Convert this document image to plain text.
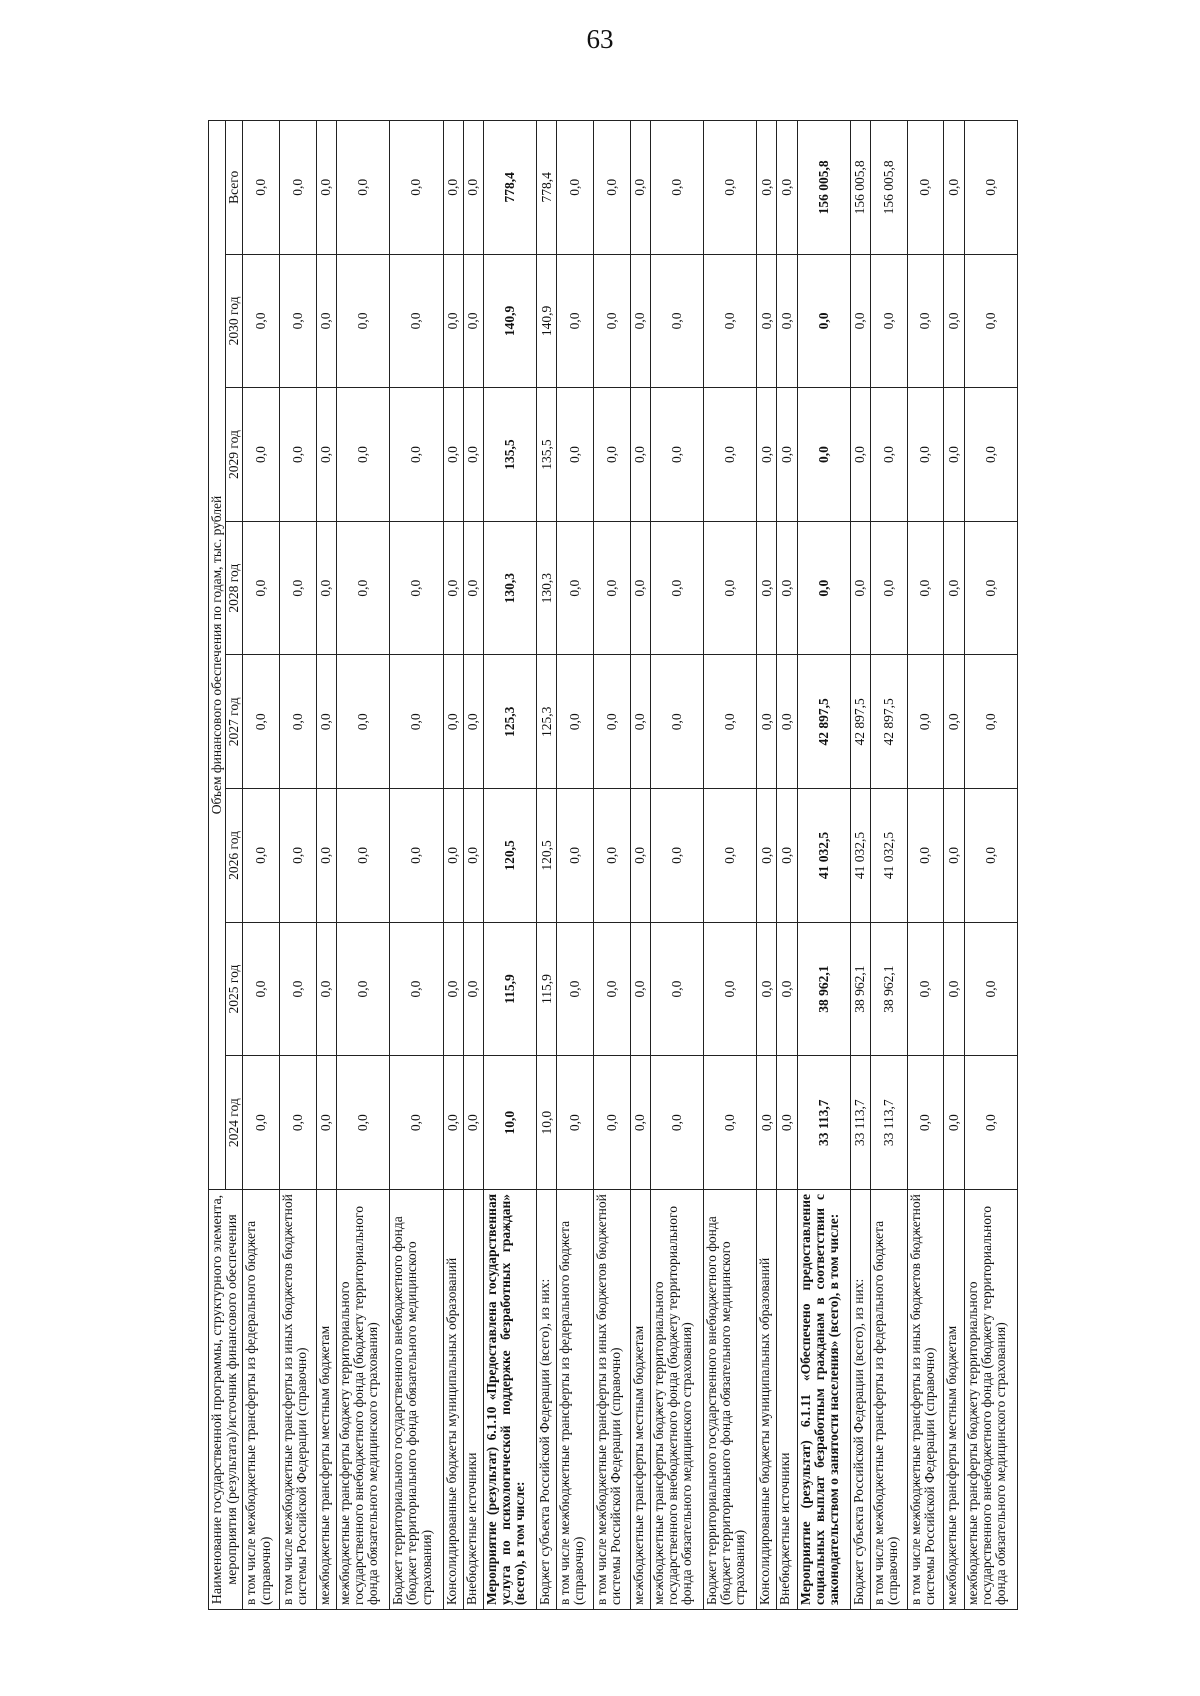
63
Наименование государственной программы, структурного элемента, мероприятия (результата)/источник финансового обеспечения	Объем финансового обеспечения по годам, тыс. рублей							
	2024 год	2025 год	2026 год	2027 год	2028 год	2029 год	2030 год	Всего
в том числе межбюджетные трансферты из федерального бюджета (справочно)	0,0	0,0	0,0	0,0	0,0	0,0	0,0	0,0
в том числе межбюджетные трансферты из иных бюджетов бюджетной системы Российской Федерации (справочно)	0,0	0,0	0,0	0,0	0,0	0,0	0,0	0,0
межбюджетные трансферты местным бюджетам	0,0	0,0	0,0	0,0	0,0	0,0	0,0	0,0
межбюджетные трансферты бюджету территориального государственного внебюджетного фонда (бюджету территориального фонда обязательного медицинского страхования)	0,0	0,0	0,0	0,0	0,0	0,0	0,0	0,0
Бюджет территориального государственного внебюджетного фонда (бюджет территориального фонда обязательного медицинского страхования)	0,0	0,0	0,0	0,0	0,0	0,0	0,0	0,0
Консолидированные бюджеты муниципальных образований	0,0	0,0	0,0	0,0	0,0	0,0	0,0	0,0
Внебюджетные источники	0,0	0,0	0,0	0,0	0,0	0,0	0,0	0,0
Мероприятие (результат) 6.1.10 «Предоставлена государственная услуга по психологической поддержке безработных граждан» (всего), в том числе:	10,0	115,9	120,5	125,3	130,3	135,5	140,9	778,4
Бюджет субъекта Российской Федерации (всего), из них:	10,0	115,9	120,5	125,3	130,3	135,5	140,9	778,4
в том числе межбюджетные трансферты из федерального бюджета (справочно)	0,0	0,0	0,0	0,0	0,0	0,0	0,0	0,0
в том числе межбюджетные трансферты из иных бюджетов бюджетной системы Российской Федерации (справочно)	0,0	0,0	0,0	0,0	0,0	0,0	0,0	0,0
межбюджетные трансферты местным бюджетам	0,0	0,0	0,0	0,0	0,0	0,0	0,0	0,0
межбюджетные трансферты бюджету территориального государственного внебюджетного фонда (бюджету территориального фонда обязательного медицинского страхования)	0,0	0,0	0,0	0,0	0,0	0,0	0,0	0,0
Бюджет территориального государственного внебюджетного фонда (бюджет территориального фонда обязательного медицинского страхования)	0,0	0,0	0,0	0,0	0,0	0,0	0,0	0,0
Консолидированные бюджеты муниципальных образований	0,0	0,0	0,0	0,0	0,0	0,0	0,0	0,0
Внебюджетные источники	0,0	0,0	0,0	0,0	0,0	0,0	0,0	0,0
Мероприятие (результат) 6.1.11 «Обеспечено предоставление социальных выплат безработным гражданам в соответствии с законодательством о занятости населения» (всего), в том числе:	33 113,7	38 962,1	41 032,5	42 897,5	0,0	0,0	0,0	156 005,8
Бюджет субъекта Российской Федерации (всего), из них:	33 113,7	38 962,1	41 032,5	42 897,5	0,0	0,0	0,0	156 005,8
в том числе межбюджетные трансферты из федерального бюджета (справочно)	33 113,7	38 962,1	41 032,5	42 897,5	0,0	0,0	0,0	156 005,8
в том числе межбюджетные трансферты из иных бюджетов бюджетной системы Российской Федерации (справочно)	0,0	0,0	0,0	0,0	0,0	0,0	0,0	0,0
межбюджетные трансферты местным бюджетам	0,0	0,0	0,0	0,0	0,0	0,0	0,0	0,0
межбюджетные трансферты бюджету территориального государственного внебюджетного фонда (бюджету территориального фонда обязательного медицинского страхования)	0,0	0,0	0,0	0,0	0,0	0,0	0,0	0,0
